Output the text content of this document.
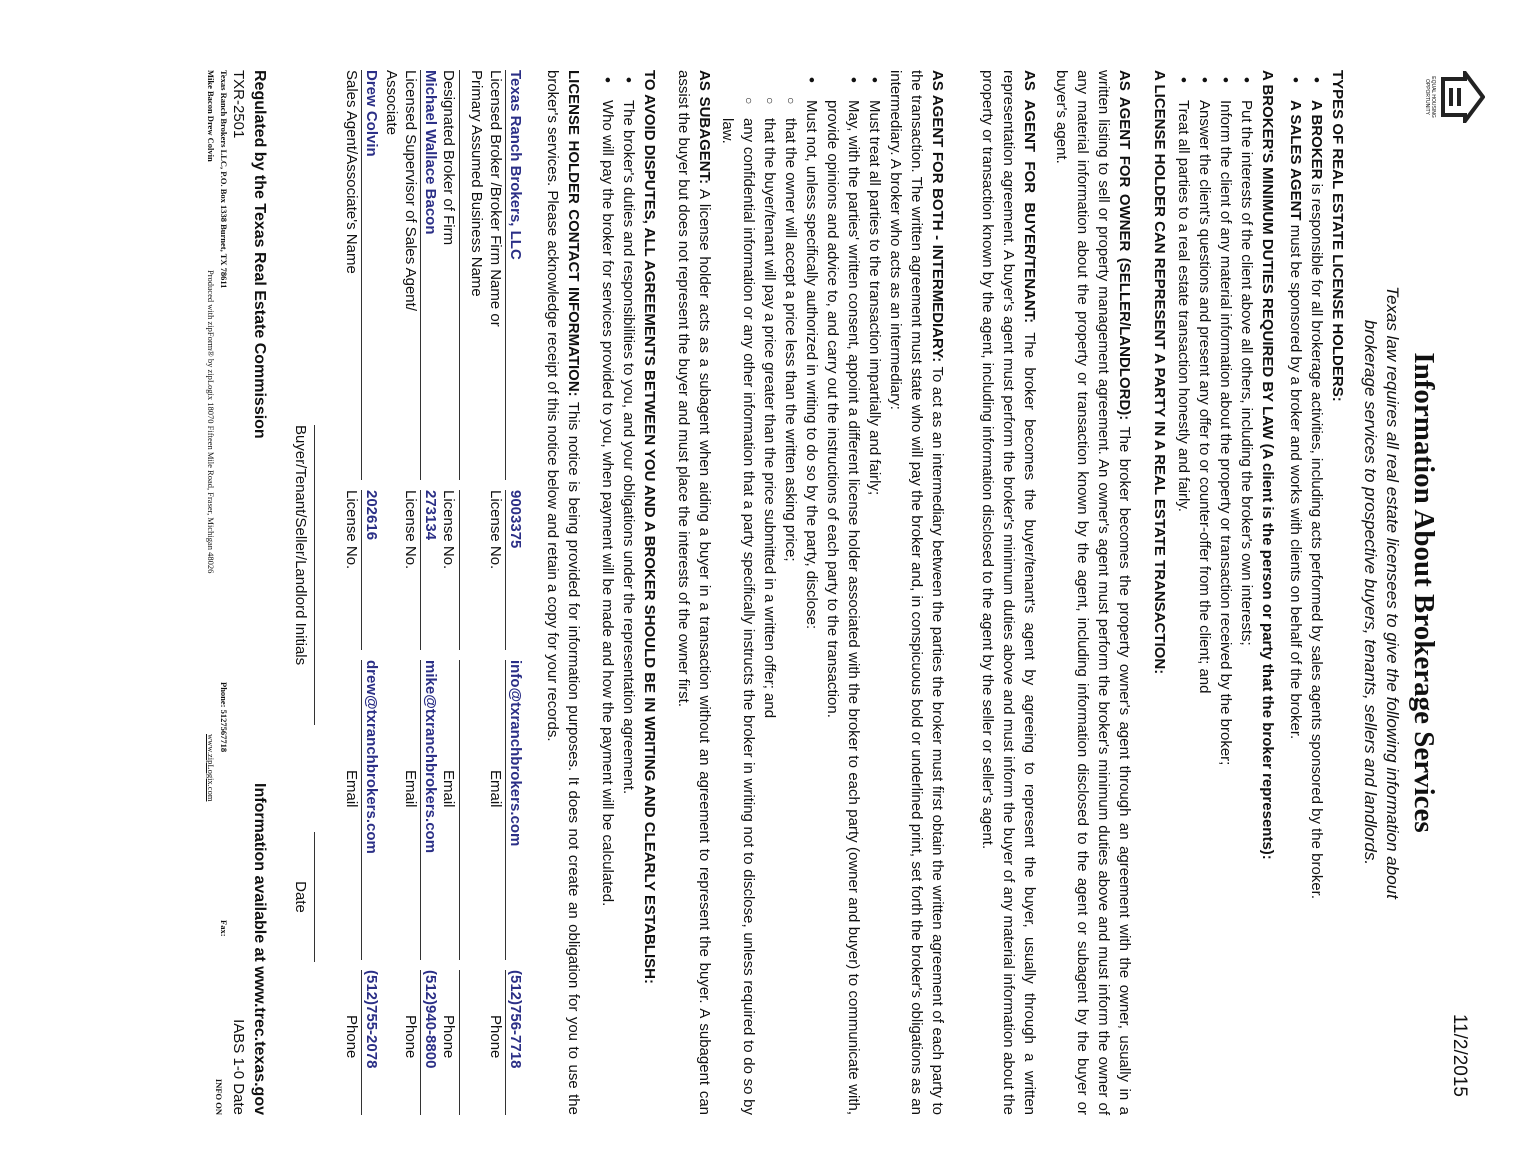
11/2/2015
EQUAL HOUSING OPPORTUNITY
Information About Brokerage Services
Texas law requires all real estate licensees to give the following information about
brokerage services to prospective buyers, tenants, sellers and landlords.
TYPES OF REAL ESTATE LICENSE HOLDERS:
• A BROKER is responsible for all brokerage activities, including acts performed by sales agents sponsored by the broker.
• A SALES AGENT must be sponsored by a broker and works with clients on behalf of the broker.
A BROKER'S MINIMUM DUTIES REQUIRED BY LAW (A client is the person or party that the broker represents):
• Put the interests of the client above all others, including the broker's own interests;
• Inform the client of any material information about the property or transaction received by the broker;
• Answer the client's questions and present any offer to or counter-offer from the client; and
• Treat all parties to a real estate transaction honestly and fairly.
A LICENSE HOLDER CAN REPRESENT A PARTY IN A REAL ESTATE TRANSACTION:
AS AGENT FOR OWNER (SELLER/LANDLORD): The broker becomes the property owner's agent through an agreement with the owner, usually in a written listing to sell or property management agreement. An owner's agent must perform the broker's minimum duties above and must inform the owner of any material information about the property or transaction known by the agent, including information disclosed to the agent or subagent by the buyer or buyer's agent.
AS AGENT FOR BUYER/TENANT: The broker becomes the buyer/tenant's agent by agreeing to represent the buyer, usually through a written representation agreement. A buyer's agent must perform the broker's minimum duties above and must inform the buyer of any material information about the property or transaction known by the agent, including information disclosed to the agent by the seller or seller's agent.
AS AGENT FOR BOTH - INTERMEDIARY: To act as an intermediary between the parties the broker must first obtain the written agreement of each party to the transaction. The written agreement must state who will pay the broker and, in conspicuous bold or underlined print, set forth the broker's obligations as an intermediary. A broker who acts as an intermediary:
• Must treat all parties to the transaction impartially and fairly;
• May, with the parties' written consent, appoint a different license holder associated with the broker to each party (owner and buyer) to communicate with, provide opinions and advice to, and carry out the instructions of each party to the transaction.
• Must not, unless specifically authorized in writing to do so by the party, disclose:
○ that the owner will accept a price less than the written asking price;
○ that the buyer/tenant will pay a price greater than the price submitted in a written offer; and
○ any confidential information or any other information that a party specifically instructs the broker in writing not to disclose, unless required to do so by law.
AS SUBAGENT: A license holder acts as a subagent when aiding a buyer in a transaction without an agreement to represent the buyer. A subagent can assist the buyer but does not represent the buyer and must place the interests of the owner first.
TO AVOID DISPUTES, ALL AGREEMENTS BETWEEN YOU AND A BROKER SHOULD BE IN WRITING AND CLEARLY ESTABLISH:
• The broker's duties and responsibilities to you, and your obligations under the representation agreement.
• Who will pay the broker for services provided to you, when payment will be made and how the payment will be calculated.
LICENSE HOLDER CONTACT INFORMATION: This notice is being provided for information purposes. It does not create an obligation for you to use the broker's services. Please acknowledge receipt of this notice below and retain a copy for your records.
Texas Ranch Brokers, LLC
9003375
info@txranchbrokers.com
(512)756-7718
Licensed Broker /Broker Firm Name or
Primary Assumed Business Name
License No.
Email
Phone
Designated Broker of Firm
License No.
Email
Phone
Michael Wallace Bacon
273134
mike@txranchbrokers.com
(512)940-8800
Licensed Supervisor of Sales Agent/
Associate
License No.
Email
Phone
Drew Colvin
202616
drew@txranchbrokers.com
(512)755-2078
Sales Agent/Associate's Name
License No.
Email
Phone
Buyer/Tenant/Seller/Landlord Initials
Date
Regulated by the Texas Real Estate Commission
Information available at www.trec.texas.gov
TXR-2501
IABS 1-0 Date
Texas Ranch Brokers LLC, P.O. Box 1338 Burnet, TX 78611
Phone: 5127567718
Fax:
INFO ON
Mike Bacon Drew Colvin
Produced with zipForm® by zipLogix 18070 Fifteen Mile Road, Fraser, Michigan 48026
www.zipLogix.com
